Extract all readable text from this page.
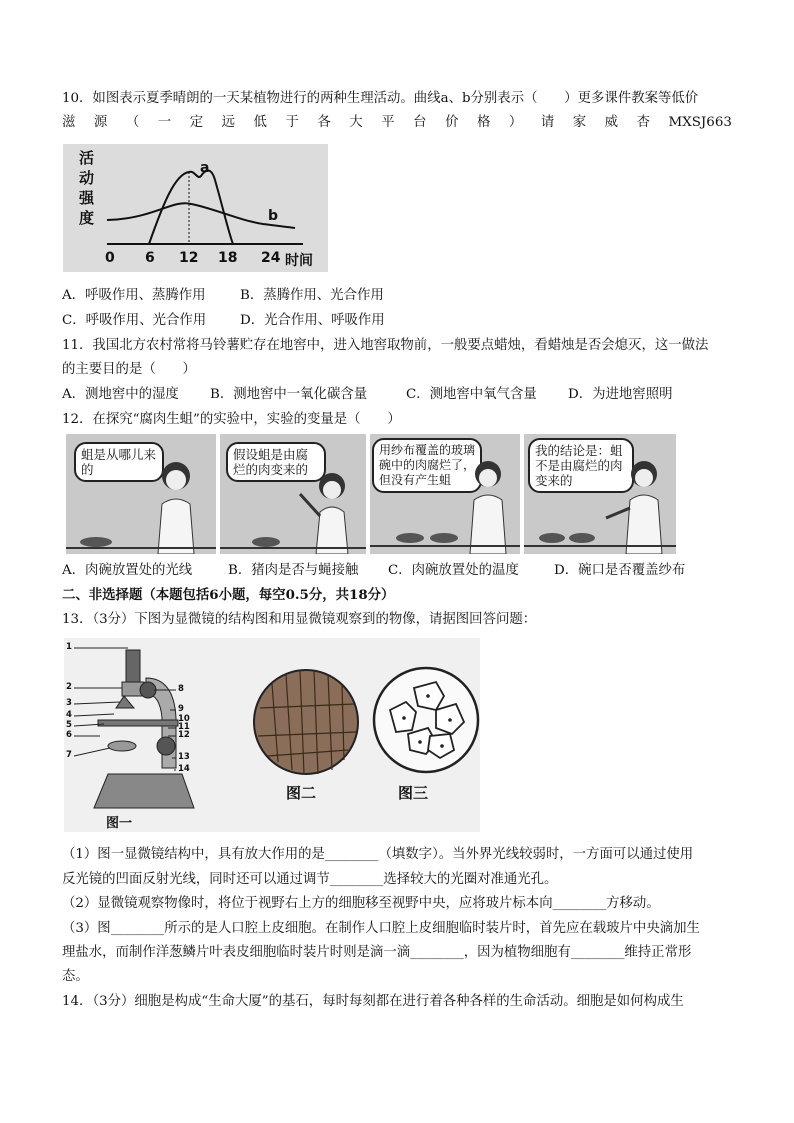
10．如图表示夏季晴朗的一天某植物进行的两种生理活动。曲线a、b分别表示（　　）更多课件教案等低价
滋 源 （ 一 定 远 低 于 各 大 平 台 价 格 ） 请 家 威 杏 MXSJ663
活
动
强
度
0 6 12 18 24 时间
a
b
A．呼吸作用、蒸腾作用	B．蒸腾作用、光合作用
C．呼吸作用、光合作用	D．光合作用、呼吸作用
11．我国北方农村常将马铃薯贮存在地窖中，进入地窖取物前，一般要点蜡烛，看蜡烛是否会熄灭，这一做法
的主要目的是（　　）
A．测地窖中的湿度 B．测地窖中一氧化碳含量	C．测地窖中氧气含量 D．为进地窖照明
12．在探究“腐肉生蛆”的实验中，实验的变量是（　　）
蛆是从哪儿来的
假设蛆是由腐烂的肉变来的
用纱布覆盖的玻璃碗中的肉腐烂了，但没有产生蛆
我的结论是：蛆不是由腐烂的肉变来的
A．肉碗放置处的光线	B．猪肉是否与蝇接触 C．肉碗放置处的温度	D．碗口是否覆盖纱布
二、非选择题（本题包括6小题，每空0.5分，共18分）
13．（3分）下图为显微镜的结构图和用显微镜观察到的物像，请据图回答问题：
1
2
3
4
5
6
7
8
9
10
11
12
13
14
图一
图二	图三
（1）图一显微镜结构中，具有放大作用的是________（填数字）。当外界光线较弱时，一方面可以通过使用
反光镜的凹面反射光线，同时还可以通过调节________选择较大的光圈对准通光孔。
（2）显微镜观察物像时，将位于视野右上方的细胞移至视野中央，应将玻片标本向________方移动。
（3）图________所示的是人口腔上皮细胞。在制作人口腔上皮细胞临时装片时，首先应在载玻片中央滴加生
理盐水，而制作洋葱鳞片叶表皮细胞临时装片时则是滴一滴________，因为植物细胞有________维持正常形
态。
14．（3分）细胞是构成“生命大厦”的基石，每时每刻都在进行着各种各样的生命活动。细胞是如何构成生
